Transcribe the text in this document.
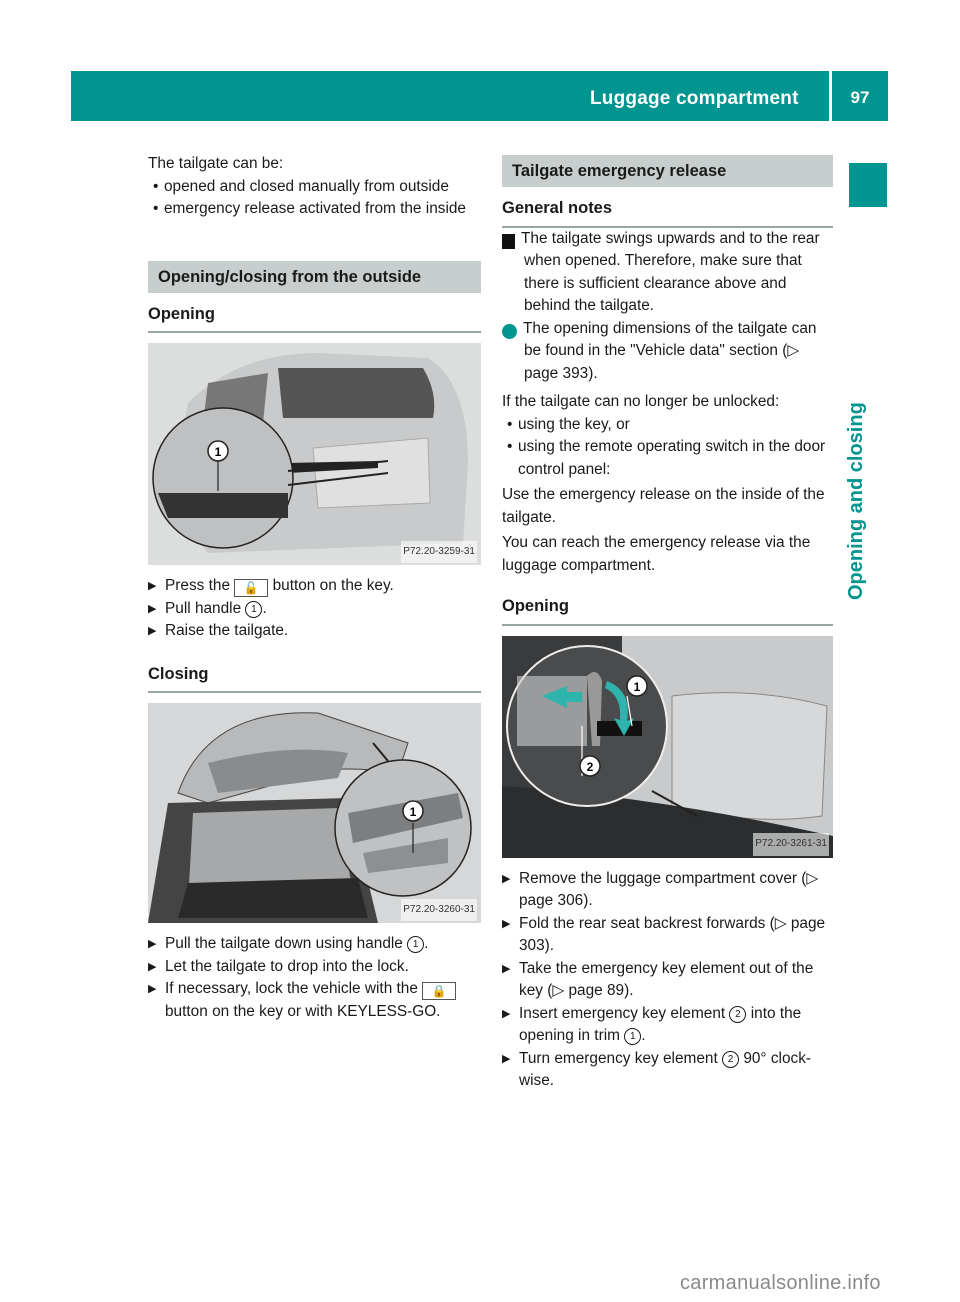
Luggage compartment	97
Opening and closing

The tailgate can be:

• opened and closed manually from outside

• emergency release activated from the inside

Opening/closing from the outside

Opening

1
P72.20-3259-31

▶ Press the 🔓 button on the key.

▶ Pull handle 1 .

▶ Raise the tailgate.

Closing

1
P72.20-3260-31

▶ Pull the tailgate down using handle 1 .

▶ Let the tailgate to drop into the lock.

▶ If necessary, lock the vehicle with the 🔒 button on the key or with KEYLESS-GO.

Tailgate emergency release

General notes

! The tailgate swings upwards and to the rear when opened. Therefore, make sure that there is sufficient clearance above and behind the tailgate.

i The opening dimensions of the tailgate can be found in the "Vehicle data" section (▷ page 393).

If the tailgate can no longer be unlocked:

• using the key, or

• using the remote operating switch in the door control panel:

Use the emergency release on the inside of the tailgate.

You can reach the emergency release via the luggage compartment.

Opening

1
2
P72.20-3261-31

▶ Remove the luggage compartment cover (▷ page 306).

▶ Fold the rear seat backrest forwards (▷ page 303).

▶ Take the emergency key element out of the key (▷ page 89).

▶ Insert emergency key element 2 into the opening in trim 1 .

▶ Turn emergency key element 2 90° clock-wise.

carmanualsonline.info
